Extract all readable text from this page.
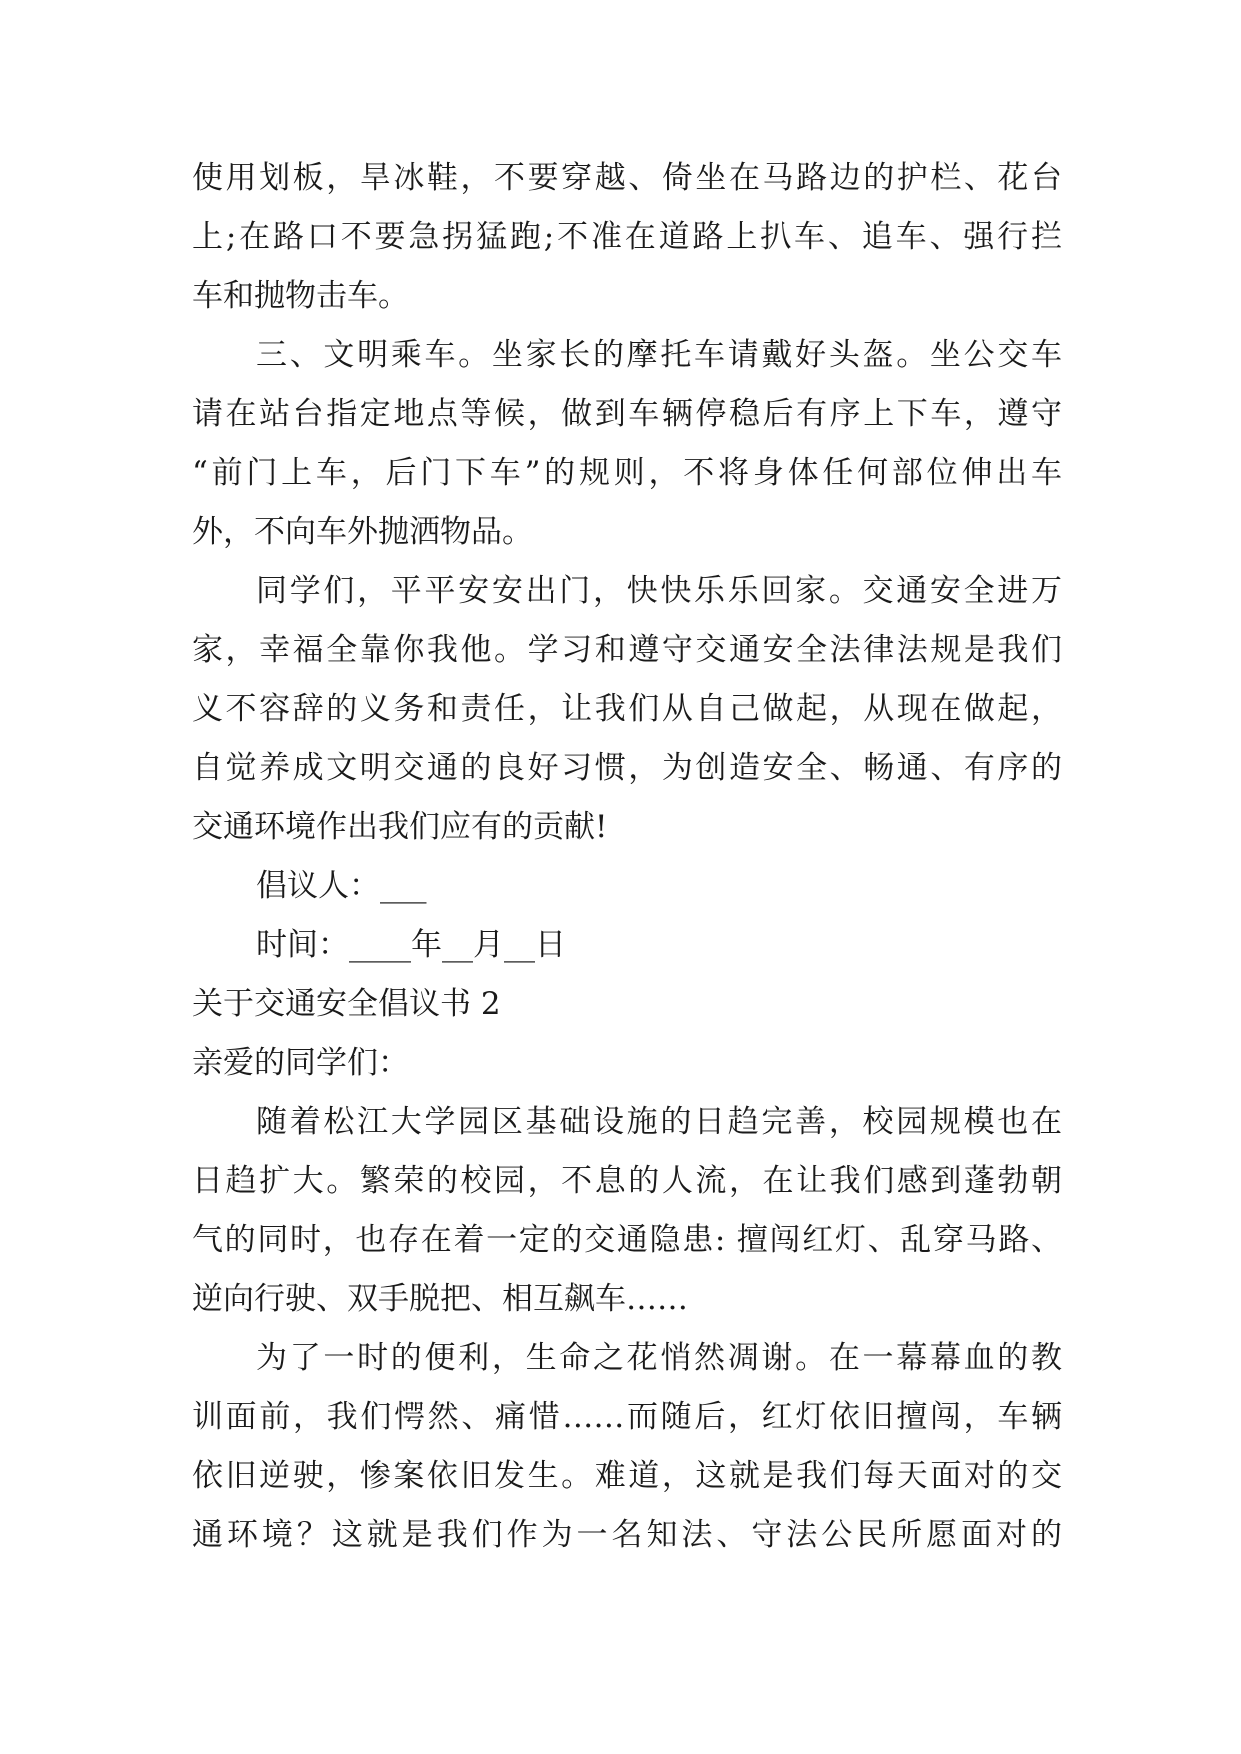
使用划板，旱冰鞋，不要穿越、倚坐在马路边的护栏、花台
上;在路口不要急拐猛跑;不准在道路上扒车、追车、强行拦
车和抛物击车。
三、文明乘车。坐家长的摩托车请戴好头盔。坐公交车
请在站台指定地点等候，做到车辆停稳后有序上下车，遵守
“前门上车，后门下车”的规则，不将身体任何部位伸出车
外，不向车外抛洒物品。
同学们，平平安安出门，快快乐乐回家。交通安全进万
家，幸福全靠你我他。学习和遵守交通安全法律法规是我们
义不容辞的义务和责任，让我们从自己做起，从现在做起，
自觉养成文明交通的良好习惯，为创造安全、畅通、有序的
交通环境作出我们应有的贡献!
倡议人：___
时间：____年__月__日
关于交通安全倡议书 2
亲爱的同学们：
随着松江大学园区基础设施的日趋完善，校园规模也在
日趋扩大。繁荣的校园，不息的人流，在让我们感到蓬勃朝
气的同时，也存在着一定的交通隐患: 擅闯红灯、乱穿马路、
逆向行驶、双手脱把、相互飙车……
为了一时的便利，生命之花悄然凋谢。在一幕幕血的教
训面前，我们愕然、痛惜……而随后，红灯依旧擅闯，车辆
依旧逆驶，惨案依旧发生。难道，这就是我们每天面对的交
通环境？这就是我们作为一名知法、守法公民所愿面对的
